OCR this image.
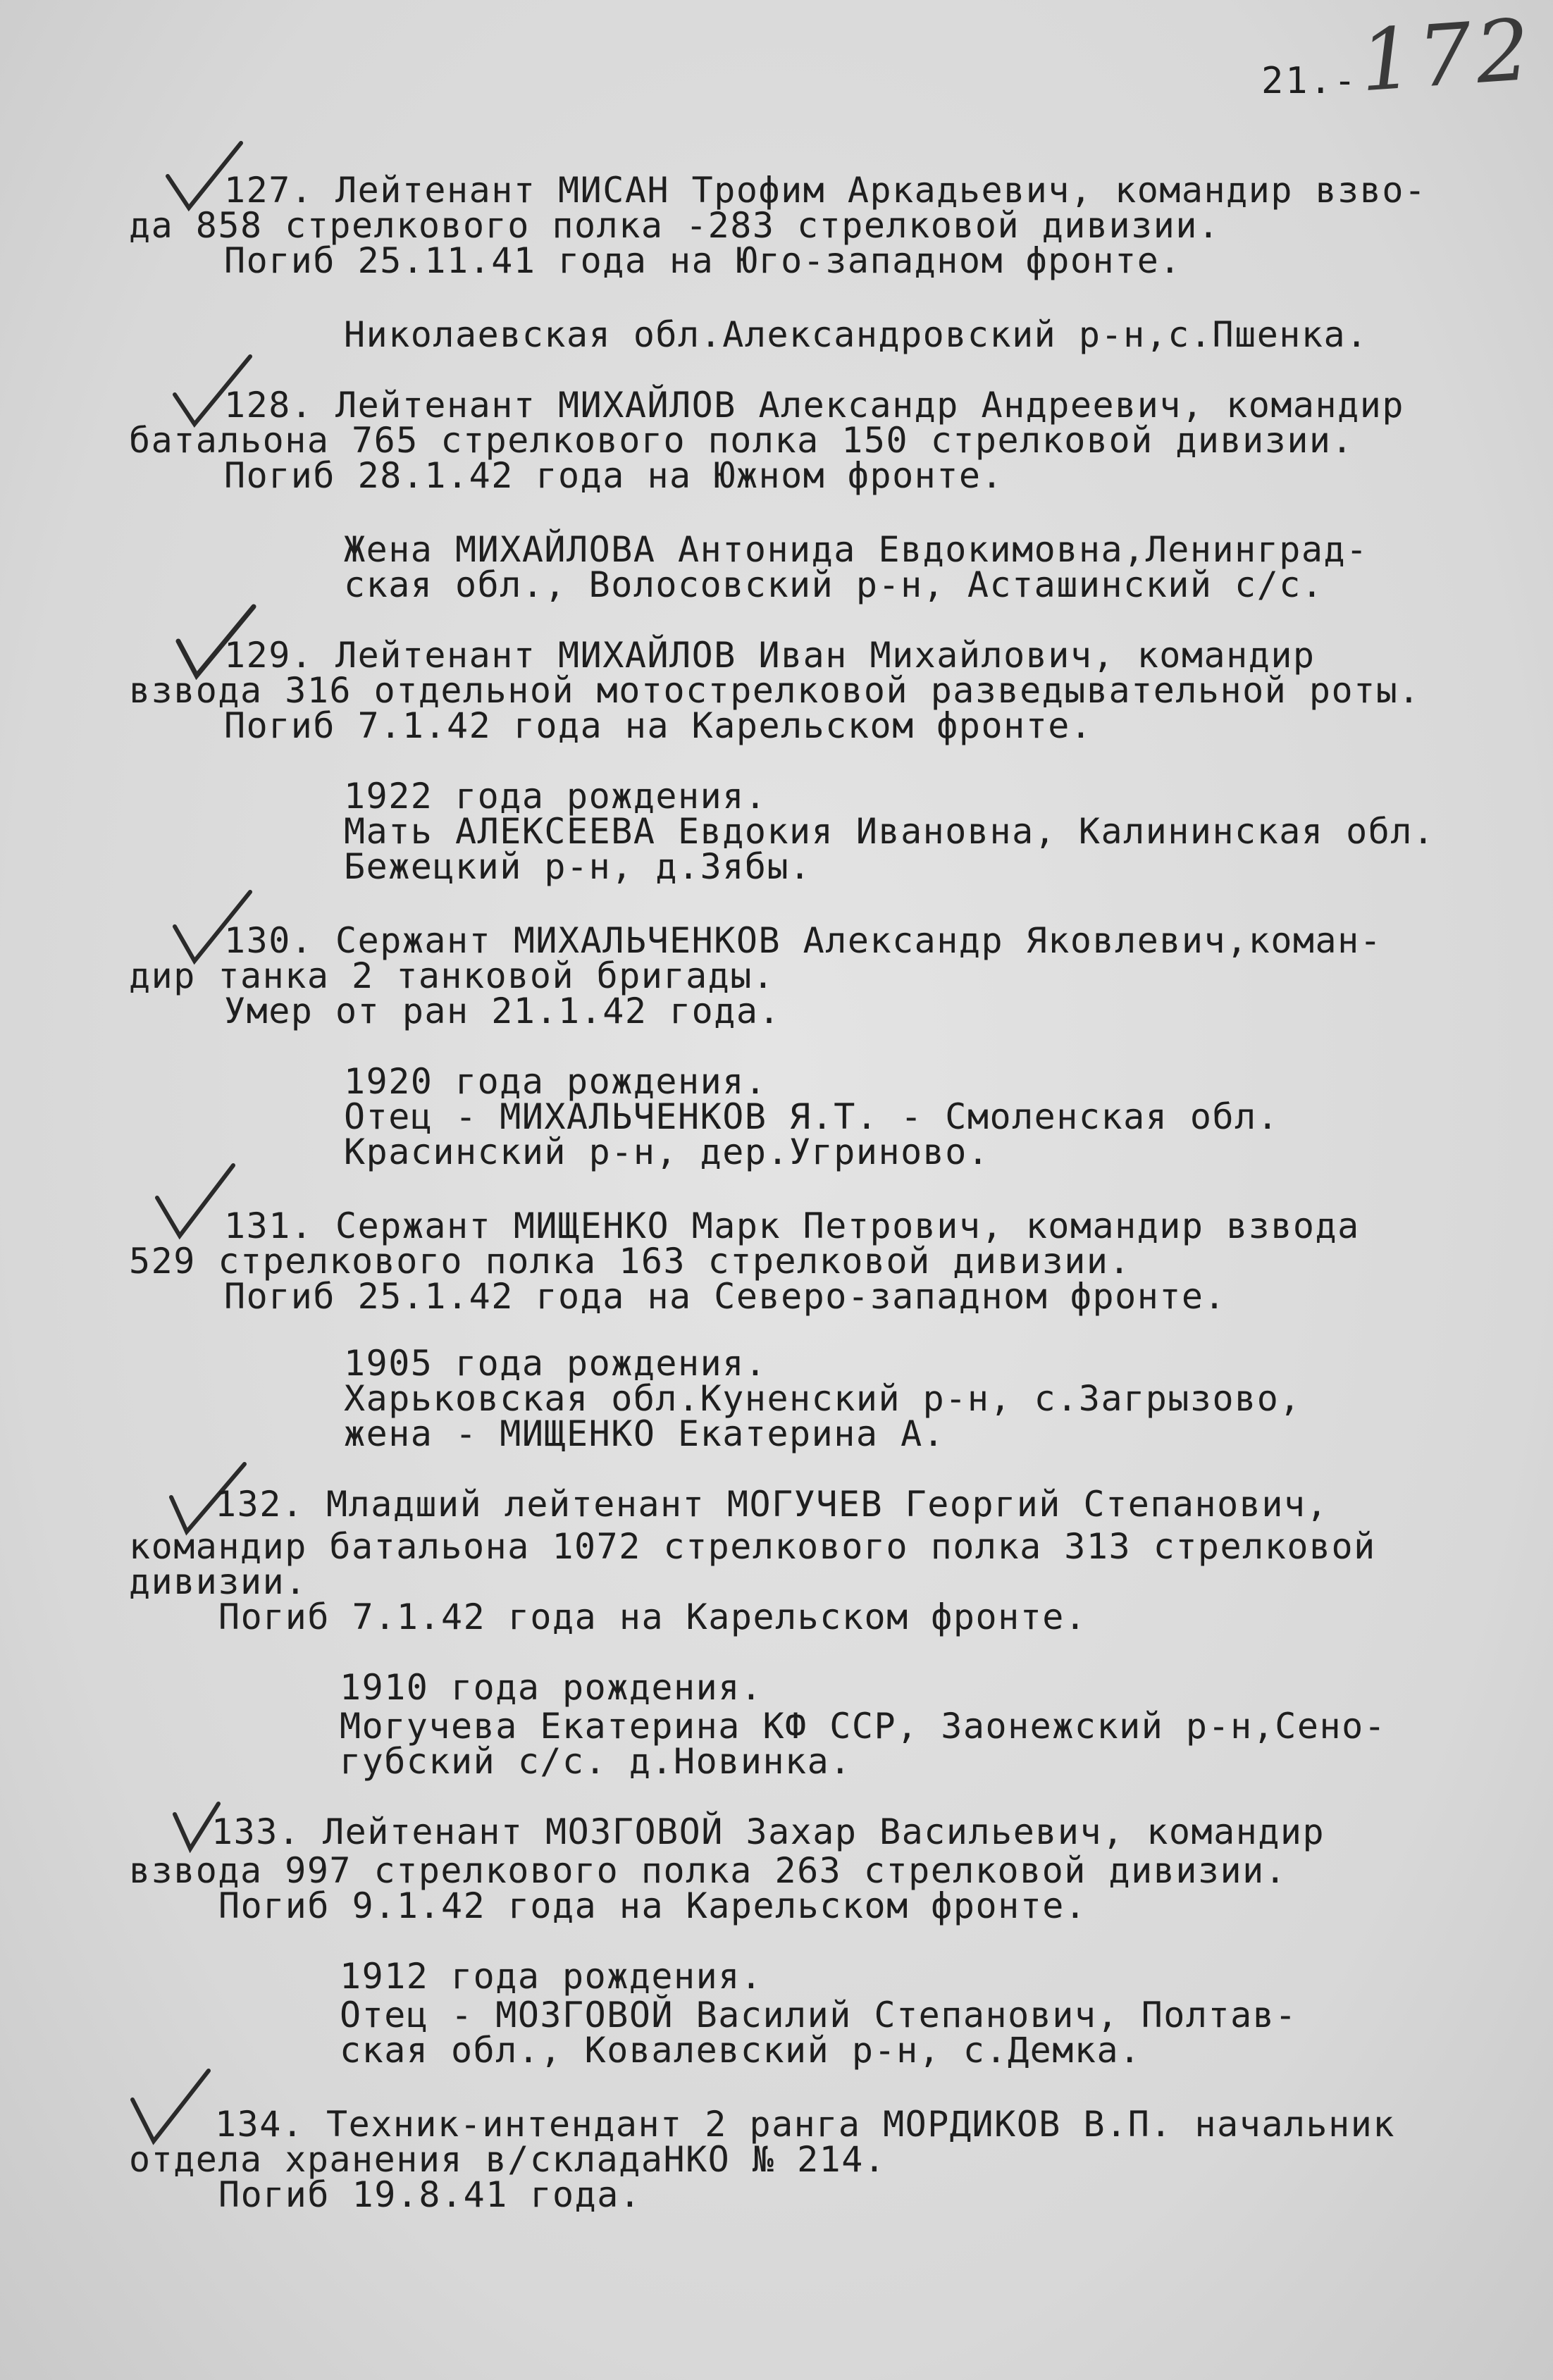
21.-
172
127. Лейтенант МИСАН Трофим Аркадьевич, командир взво-
да 858 стрелкового полка -283 стрелковой дивизии.
Погиб 25.11.41 года на Юго-западном фронте.
Николаевская обл.Александровский р-н,с.Пшенка.
128. Лейтенант МИХАЙЛОВ Александр Андреевич, командир
батальона 765 стрелкового полка 150 стрелковой дивизии.
Погиб 28.1.42 года на Южном фронте.
Жена МИХАЙЛОВА Антонида Евдокимовна,Ленинград-
ская обл., Волосовский р-н, Асташинский с/с.
129. Лейтенант МИХАЙЛОВ Иван Михайлович, командир
взвода 316 отдельной мотострелковой разведывательной роты.
Погиб 7.1.42 года на Карельском фронте.
1922 года рождения.
Мать АЛЕКСЕЕВА Евдокия Ивановна, Калининская обл.
Бежецкий р-н, д.Зябы.
130. Сержант МИХАЛЬЧЕНКОВ Александр Яковлевич,коман-
дир танка 2 танковой бригады.
Умер от ран 21.1.42 года.
1920 года рождения.
Отец - МИХАЛЬЧЕНКОВ Я.Т. - Смоленская обл.
Красинский р-н, дер.Угриново.
131. Сержант МИЩЕНКО Марк Петрович, командир взвода
529 стрелкового полка 163 стрелковой дивизии.
Погиб 25.1.42 года на Северо-западном фронте.
1905 года рождения.
Харьковская обл.Куненский р-н, с.Загрызово,
жена - МИЩЕНКО Екатерина А.
132. Младший лейтенант МОГУЧЕВ Георгий Степанович,
командир батальона 1072 стрелкового полка 313 стрелковой
дивизии.
Погиб 7.1.42 года на Карельском фронте.
1910 года рождения.
Могучева Екатерина КФ ССР, Заонежский р-н,Сено-
губский с/с. д.Новинка.
133. Лейтенант МОЗГОВОЙ Захар Васильевич, командир
взвода 997 стрелкового полка 263 стрелковой дивизии.
Погиб 9.1.42 года на Карельском фронте.
1912 года рождения.
Отец - МОЗГОВОЙ Василий Степанович, Полтав-
ская обл., Ковалевский р-н, с.Демка.
134. Техник-интендант 2 ранга МОРДИКОВ В.П. начальник
отдела хранения в/складаНКО № 214.
Погиб 19.8.41 года.
